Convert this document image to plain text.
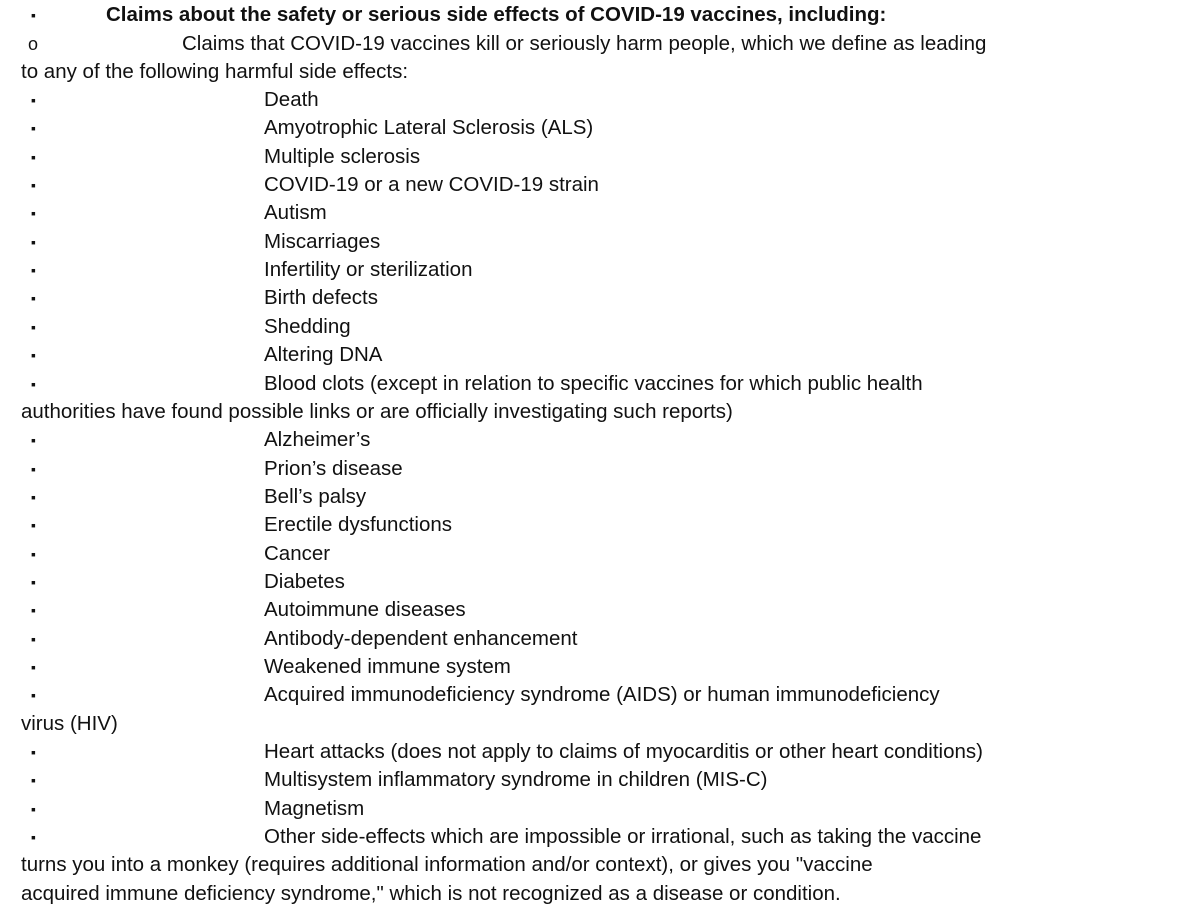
▪	Claims about the safety or serious side effects of COVID-19 vaccines, including:
o	Claims that COVID-19 vaccines kill or seriously harm people, which we define as leading
to any of the following harmful side effects:
▪	Death
▪	Amyotrophic Lateral Sclerosis (ALS)
▪	Multiple sclerosis
▪	COVID-19 or a new COVID-19 strain
▪	Autism
▪	Miscarriages
▪	Infertility or sterilization
▪	Birth defects
▪	Shedding
▪	Altering DNA
▪	Blood clots (except in relation to specific vaccines for which public health
authorities have found possible links or are officially investigating such reports)
▪	Alzheimer’s
▪	Prion’s disease
▪	Bell’s palsy
▪	Erectile dysfunctions
▪	Cancer
▪	Diabetes
▪	Autoimmune diseases
▪	Antibody-dependent enhancement
▪	Weakened immune system
▪	Acquired immunodeficiency syndrome (AIDS) or human immunodeficiency
virus (HIV)
▪	Heart attacks (does not apply to claims of myocarditis or other heart conditions)
▪	Multisystem inflammatory syndrome in children (MIS-C)
▪	Magnetism
▪	Other side-effects which are impossible or irrational, such as taking the vaccine
turns you into a monkey (requires additional information and/or context), or gives you "vaccine
acquired immune deficiency syndrome," which is not recognized as a disease or condition.
